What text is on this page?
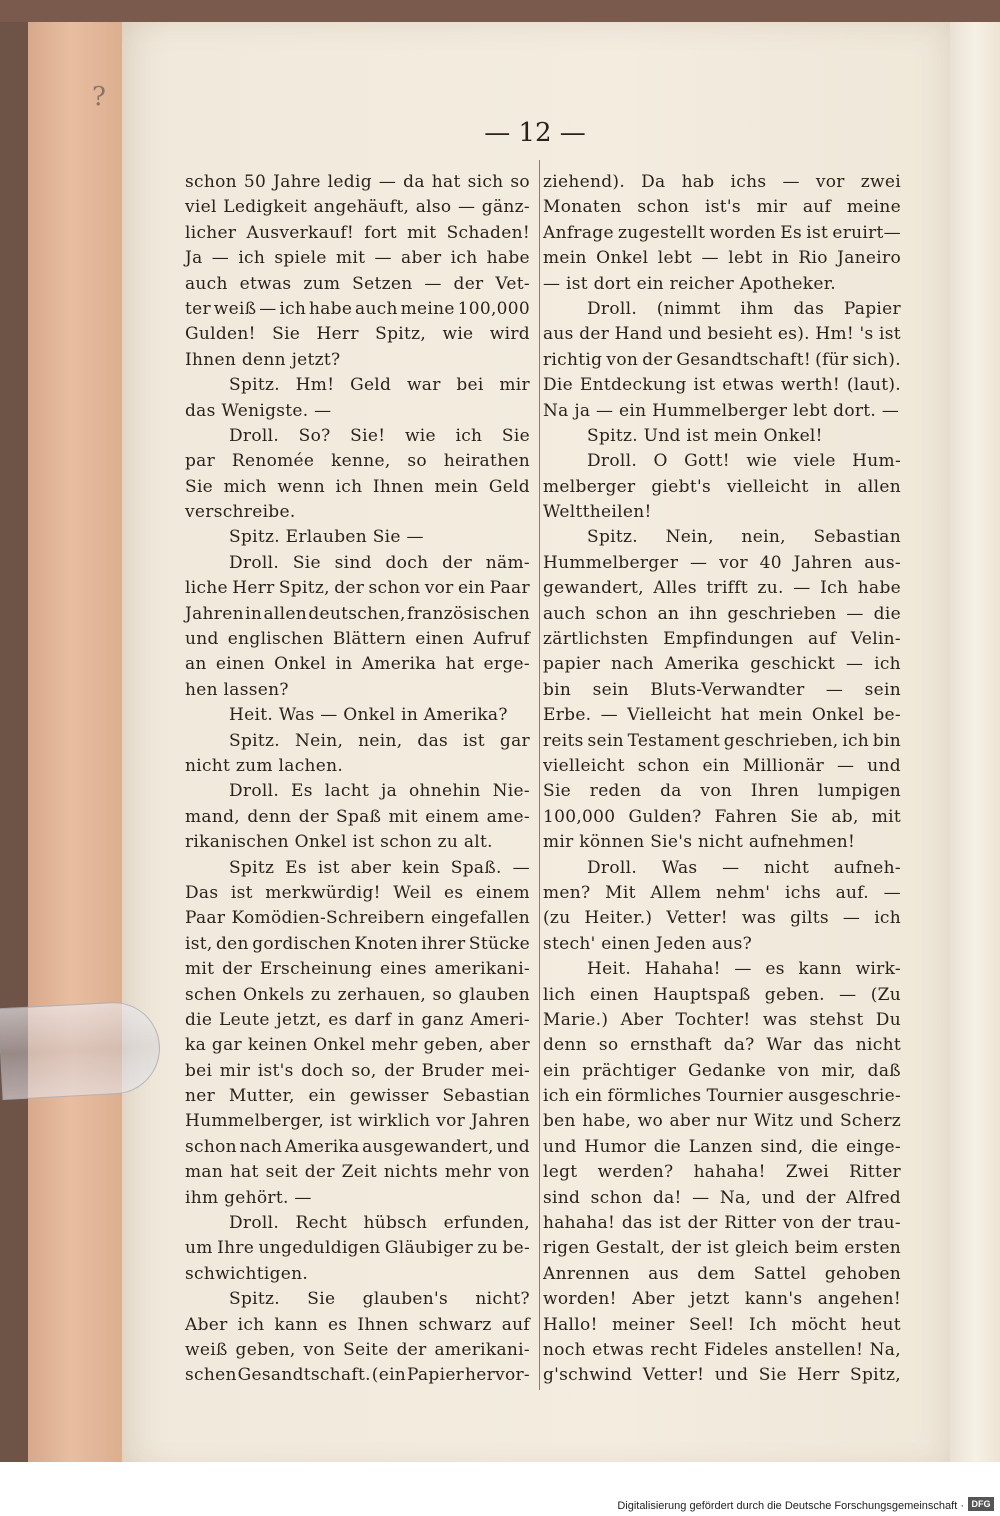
?
— 12 —
schon 50 Jahre ledig — da hat sich so
viel Ledigkeit angehäuft, also — gänz-
licher Ausverkauf! fort mit Schaden!
Ja — ich spiele mit — aber ich habe
auch etwas zum Setzen — der Vet-
ter weiß — ich habe auch meine 100,000
Gulden! Sie Herr Spitz, wie wird
Ihnen denn jetzt?
Spitz. Hm! Geld war bei mir
das Wenigste. —
Droll. So? Sie! wie ich Sie
par Renomée kenne, so heirathen
Sie mich wenn ich Ihnen mein Geld
verschreibe.
Spitz. Erlauben Sie —
Droll. Sie sind doch der näm-
liche Herr Spitz, der schon vor ein Paar
Jahren in allen deutschen, französischen
und englischen Blättern einen Aufruf
an einen Onkel in Amerika hat erge-
hen lassen?
Heit. Was — Onkel in Amerika?
Spitz. Nein, nein, das ist gar
nicht zum lachen.
Droll. Es lacht ja ohnehin Nie-
mand, denn der Spaß mit einem ame-
rikanischen Onkel ist schon zu alt.
Spitz Es ist aber kein Spaß. —
Das ist merkwürdig! Weil es einem
Paar Komödien-Schreibern eingefallen
ist, den gordischen Knoten ihrer Stücke
mit der Erscheinung eines amerikani-
schen Onkels zu zerhauen, so glauben
die Leute jetzt, es darf in ganz Ameri-
ka gar keinen Onkel mehr geben, aber
bei mir ist's doch so, der Bruder mei-
ner Mutter, ein gewisser Sebastian
Hummelberger, ist wirklich vor Jahren
schon nach Amerika ausgewandert, und
man hat seit der Zeit nichts mehr von
ihm gehört. —
Droll. Recht hübsch erfunden,
um Ihre ungeduldigen Gläubiger zu be-
schwichtigen.
Spitz. Sie glauben's nicht?
Aber ich kann es Ihnen schwarz auf
weiß geben, von Seite der amerikani-
schen Gesandtschaft. (ein Papier hervor-
ziehend). Da hab ichs — vor zwei
Monaten schon ist's mir auf meine
Anfrage zugestellt worden Es ist eruirt—
mein Onkel lebt — lebt in Rio Janeiro
— ist dort ein reicher Apotheker.
Droll. (nimmt ihm das Papier
aus der Hand und besieht es). Hm! 's ist
richtig von der Gesandtschaft! (für sich).
Die Entdeckung ist etwas werth! (laut).
Na ja — ein Hummelberger lebt dort. —
Spitz. Und ist mein Onkel!
Droll. O Gott! wie viele Hum-
melberger giebt's vielleicht in allen
Welttheilen!
Spitz. Nein, nein, Sebastian
Hummelberger — vor 40 Jahren aus-
gewandert, Alles trifft zu. — Ich habe
auch schon an ihn geschrieben — die
zärtlichsten Empfindungen auf Velin-
papier nach Amerika geschickt — ich
bin sein Bluts-Verwandter — sein
Erbe. — Vielleicht hat mein Onkel be-
reits sein Testament geschrieben, ich bin
vielleicht schon ein Millionär — und
Sie reden da von Ihren lumpigen
100,000 Gulden? Fahren Sie ab, mit
mir können Sie's nicht aufnehmen!
Droll. Was — nicht aufneh-
men? Mit Allem nehm' ichs auf. —
(zu Heiter.) Vetter! was gilts — ich
stech' einen Jeden aus?
Heit. Hahaha! — es kann wirk-
lich einen Hauptspaß geben. — (Zu
Marie.) Aber Tochter! was stehst Du
denn so ernsthaft da? War das nicht
ein prächtiger Gedanke von mir, daß
ich ein förmliches Tournier ausgeschrie-
ben habe, wo aber nur Witz und Scherz
und Humor die Lanzen sind, die einge-
legt werden? hahaha! Zwei Ritter
sind schon da! — Na, und der Alfred
hahaha! das ist der Ritter von der trau-
rigen Gestalt, der ist gleich beim ersten
Anrennen aus dem Sattel gehoben
worden! Aber jetzt kann's angehen!
Hallo! meiner Seel! Ich möcht heut
noch etwas recht Fideles anstellen! Na,
g'schwind Vetter! und Sie Herr Spitz,
Digitalisierung gefördert durch die Deutsche Forschungsgemeinschaft · DFG
